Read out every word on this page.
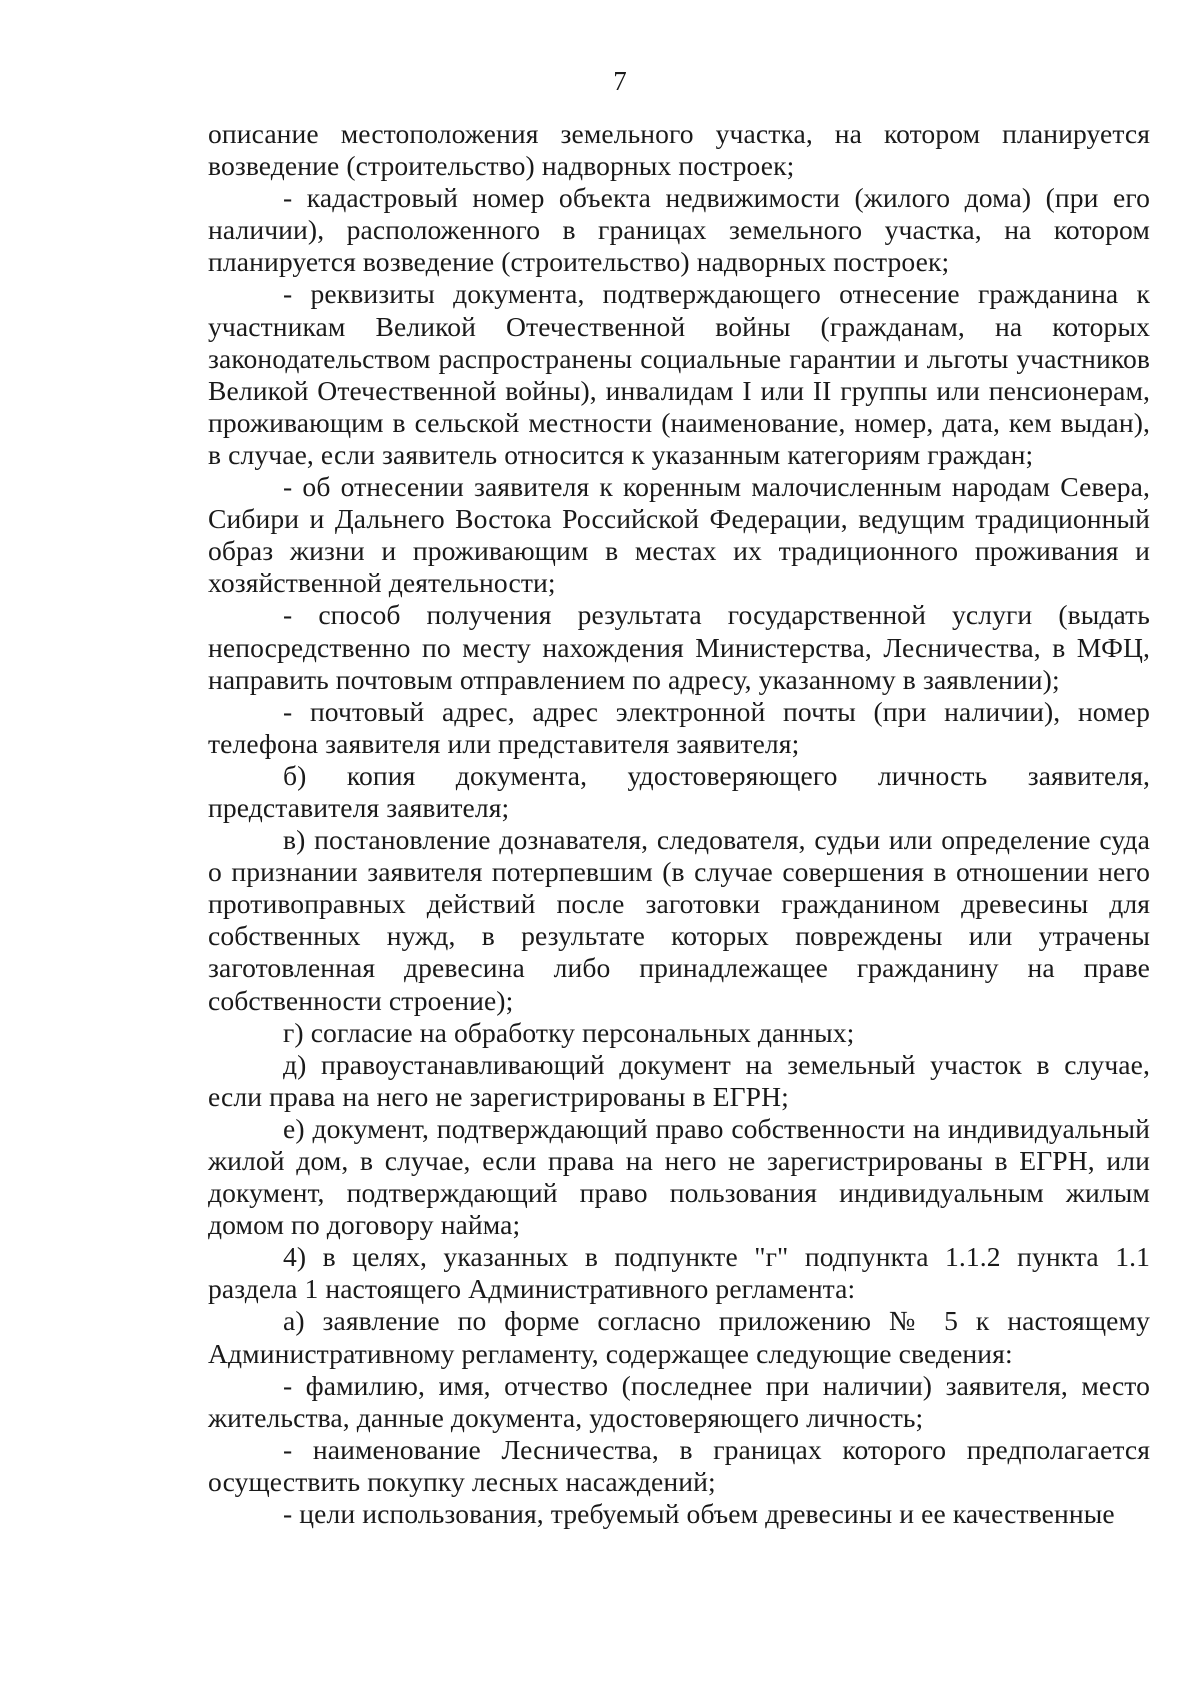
7

описание местоположения земельного участка, на котором планируется возведение (строительство) надворных построек;

- кадастровый номер объекта недвижимости (жилого дома) (при его наличии), расположенного в границах земельного участка, на котором планируется возведение (строительство) надворных построек;

- реквизиты документа, подтверждающего отнесение гражданина к участникам Великой Отечественной войны (гражданам, на которых законодательством распространены социальные гарантии и льготы участников Великой Отечественной войны), инвалидам I или II группы или пенсионерам, проживающим в сельской местности (наименование, номер, дата, кем выдан), в случае, если заявитель относится к указанным категориям граждан;

- об отнесении заявителя к коренным малочисленным народам Севера, Сибири и Дальнего Востока Российской Федерации, ведущим традиционный образ жизни и проживающим в местах их традиционного проживания и хозяйственной деятельности;

- способ получения результата государственной услуги (выдать непосредственно по месту нахождения Министерства, Лесничества, в МФЦ, направить почтовым отправлением по адресу, указанному в заявлении);

- почтовый адрес, адрес электронной почты (при наличии), номер телефона заявителя или представителя заявителя;

б) копия документа, удостоверяющего личность заявителя, представителя заявителя;

в) постановление дознавателя, следователя, судьи или определение суда о признании заявителя потерпевшим (в случае совершения в отношении него противоправных действий после заготовки гражданином древесины для собственных нужд, в результате которых повреждены или утрачены заготовленная древесина либо принадлежащее гражданину на праве собственности строение);

г) согласие на обработку персональных данных;

д) правоустанавливающий документ на земельный участок в случае, если права на него не зарегистрированы в ЕГРН;

е) документ, подтверждающий право собственности на индивидуальный жилой дом, в случае, если права на него не зарегистрированы в ЕГРН, или документ, подтверждающий право пользования индивидуальным жилым домом по договору найма;

4) в целях, указанных в подпункте "г" подпункта 1.1.2 пункта 1.1 раздела 1 настоящего Административного регламента:

а) заявление по форме согласно приложению № 5 к настоящему Административному регламенту, содержащее следующие сведения:

- фамилию, имя, отчество (последнее при наличии) заявителя, место жительства, данные документа, удостоверяющего личность;

- наименование Лесничества, в границах которого предполагается осуществить покупку лесных насаждений;

- цели использования, требуемый объем древесины и ее качественные
